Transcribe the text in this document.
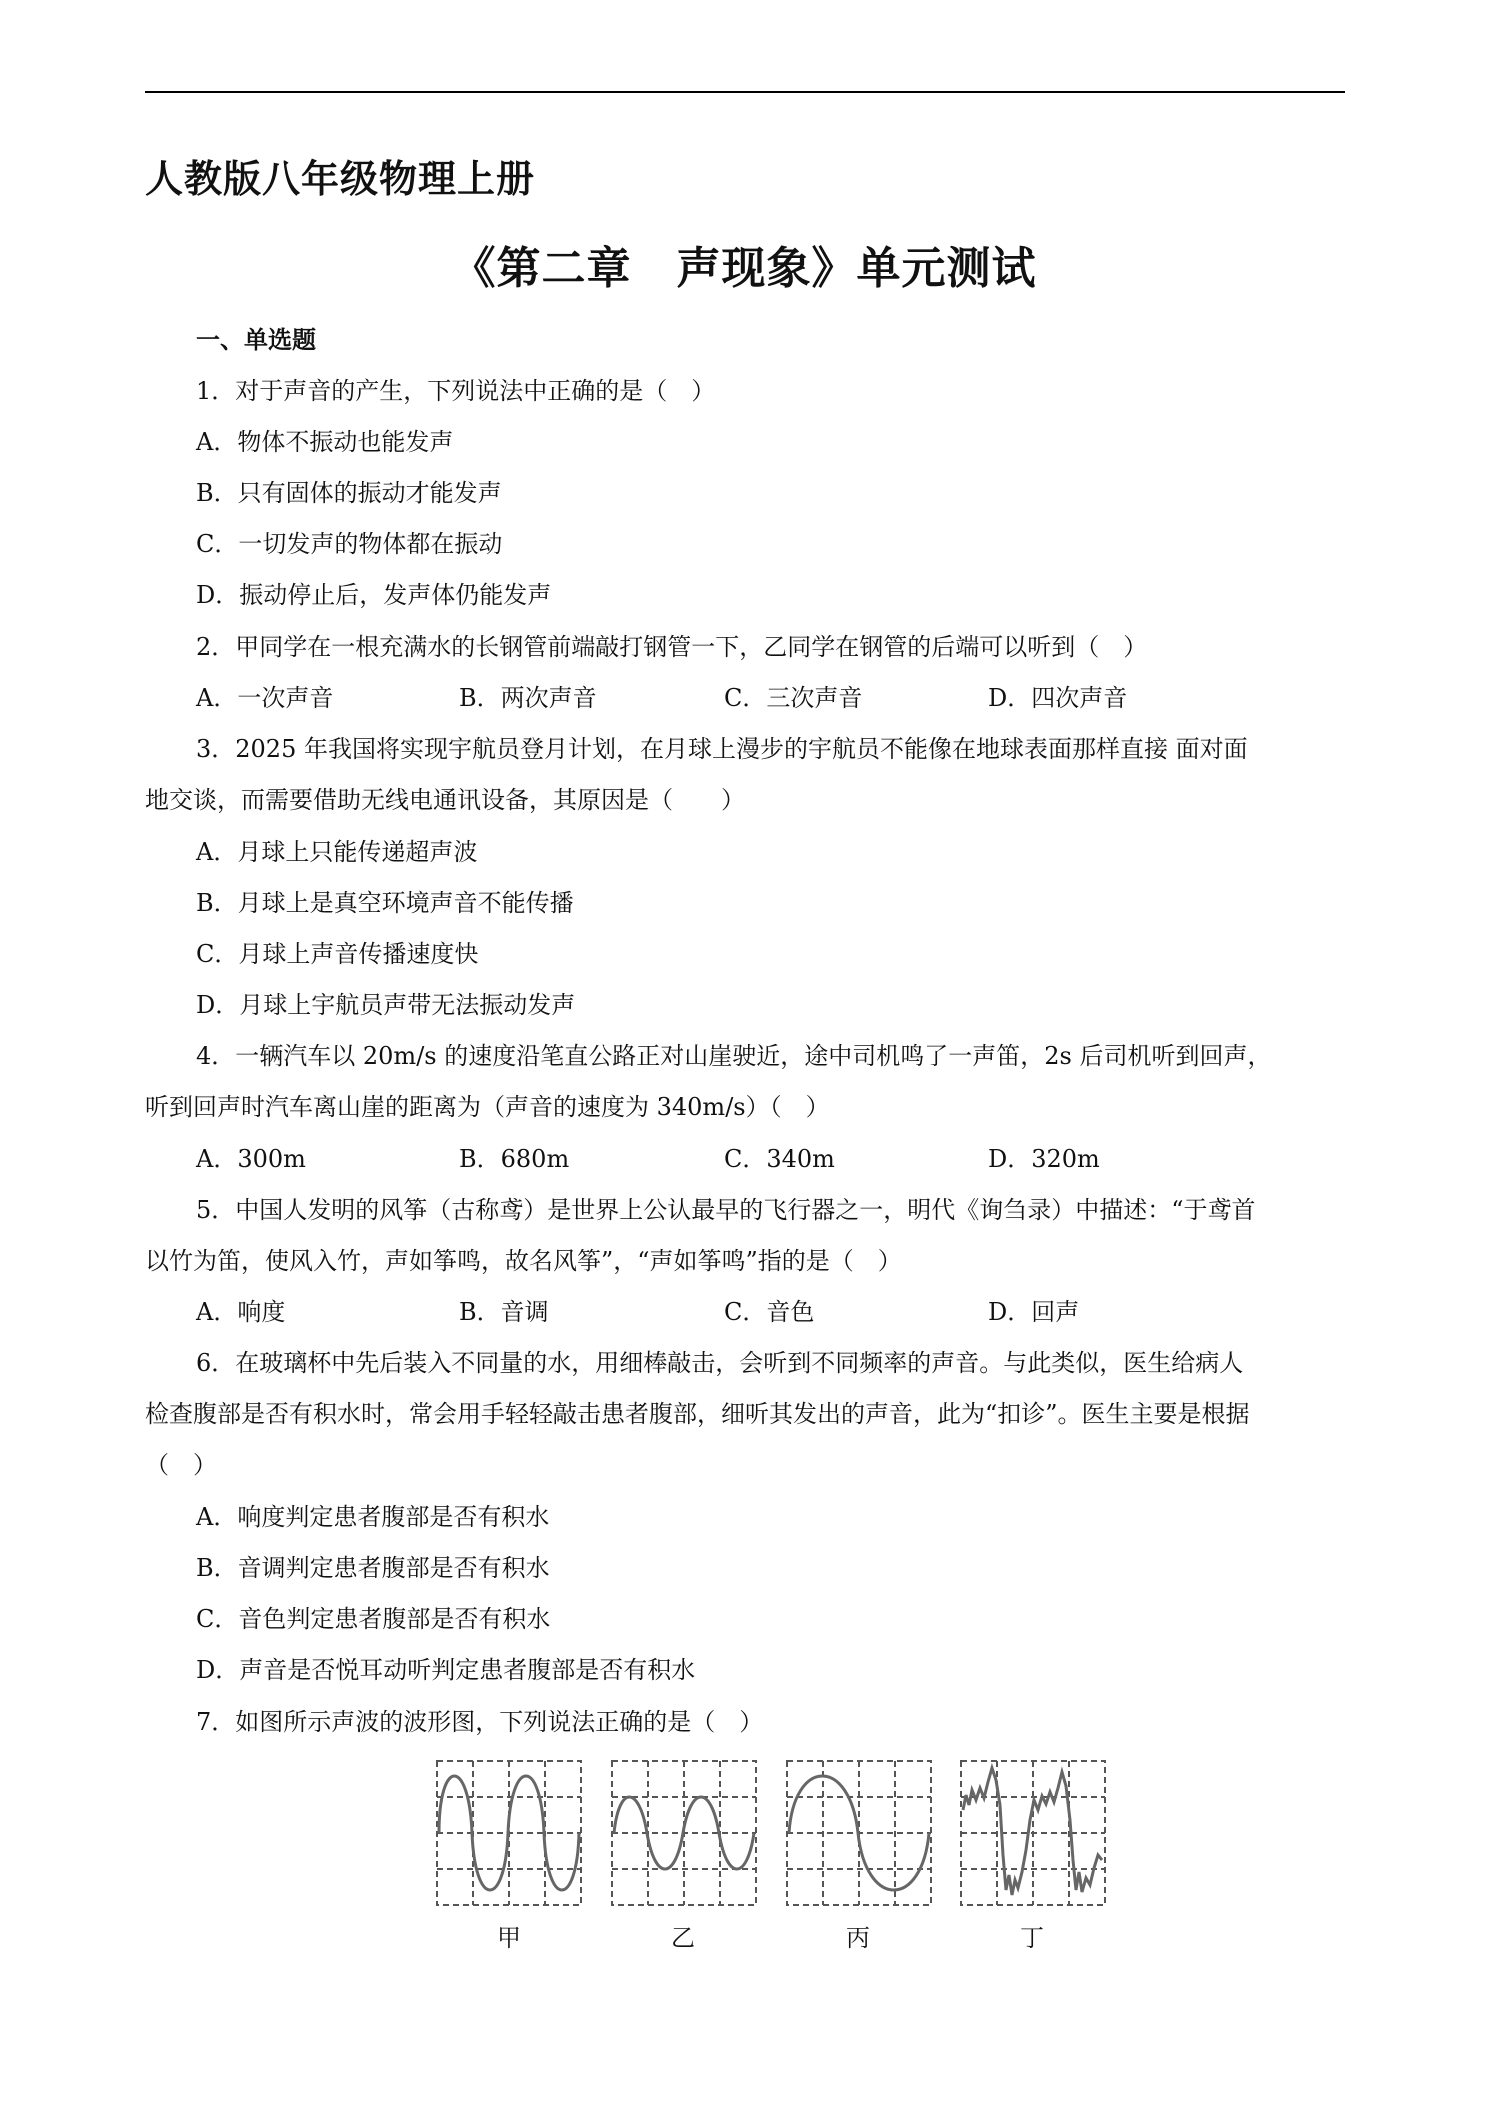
人教版八年级物理上册
《第二章　声现象》单元测试
一、单选题
1．对于声音的产生，下列说法中正确的是（　）
A．物体不振动也能发声
B．只有固体的振动才能发声
C．一切发声的物体都在振动
D．振动停止后，发声体仍能发声
2．甲同学在一根充满水的长钢管前端敲打钢管一下，乙同学在钢管的后端可以听到（　）
A．一次声音	B．两次声音	C．三次声音	D．四次声音
3．2025 年我国将实现宇航员登月计划，在月球上漫步的宇航员不能像在地球表面那样直接 面对面
地交谈，而需要借助无线电通讯设备，其原因是（　　）
A．月球上只能传递超声波
B．月球上是真空环境声音不能传播
C．月球上声音传播速度快
D．月球上宇航员声带无法振动发声
4．一辆汽车以 20m/s 的速度沿笔直公路正对山崖驶近，途中司机鸣了一声笛，2s 后司机听到回声，
听到回声时汽车离山崖的距离为（声音的速度为 340m/s）（　）
A．300m	B．680m	C．340m	D．320m
5．中国人发明的风筝（古称鸢）是世界上公认最早的飞行器之一，明代《询刍录）中描述：“于鸢首
以竹为笛，使风入竹，声如筝鸣，故名风筝”，“声如筝鸣”指的是（　）
A．响度	B．音调	C．音色	D．回声
6．在玻璃杯中先后装入不同量的水，用细棒敲击，会听到不同频率的声音。与此类似，医生给病人
检查腹部是否有积水时，常会用手轻轻敲击患者腹部，细听其发出的声音，此为“扣诊”。医生主要是根据
（　）
A．响度判定患者腹部是否有积水
B．音调判定患者腹部是否有积水
C．音色判定患者腹部是否有积水
D．声音是否悦耳动听判定患者腹部是否有积水
7．如图所示声波的波形图，下列说法正确的是（　）
甲	乙	丙	丁
